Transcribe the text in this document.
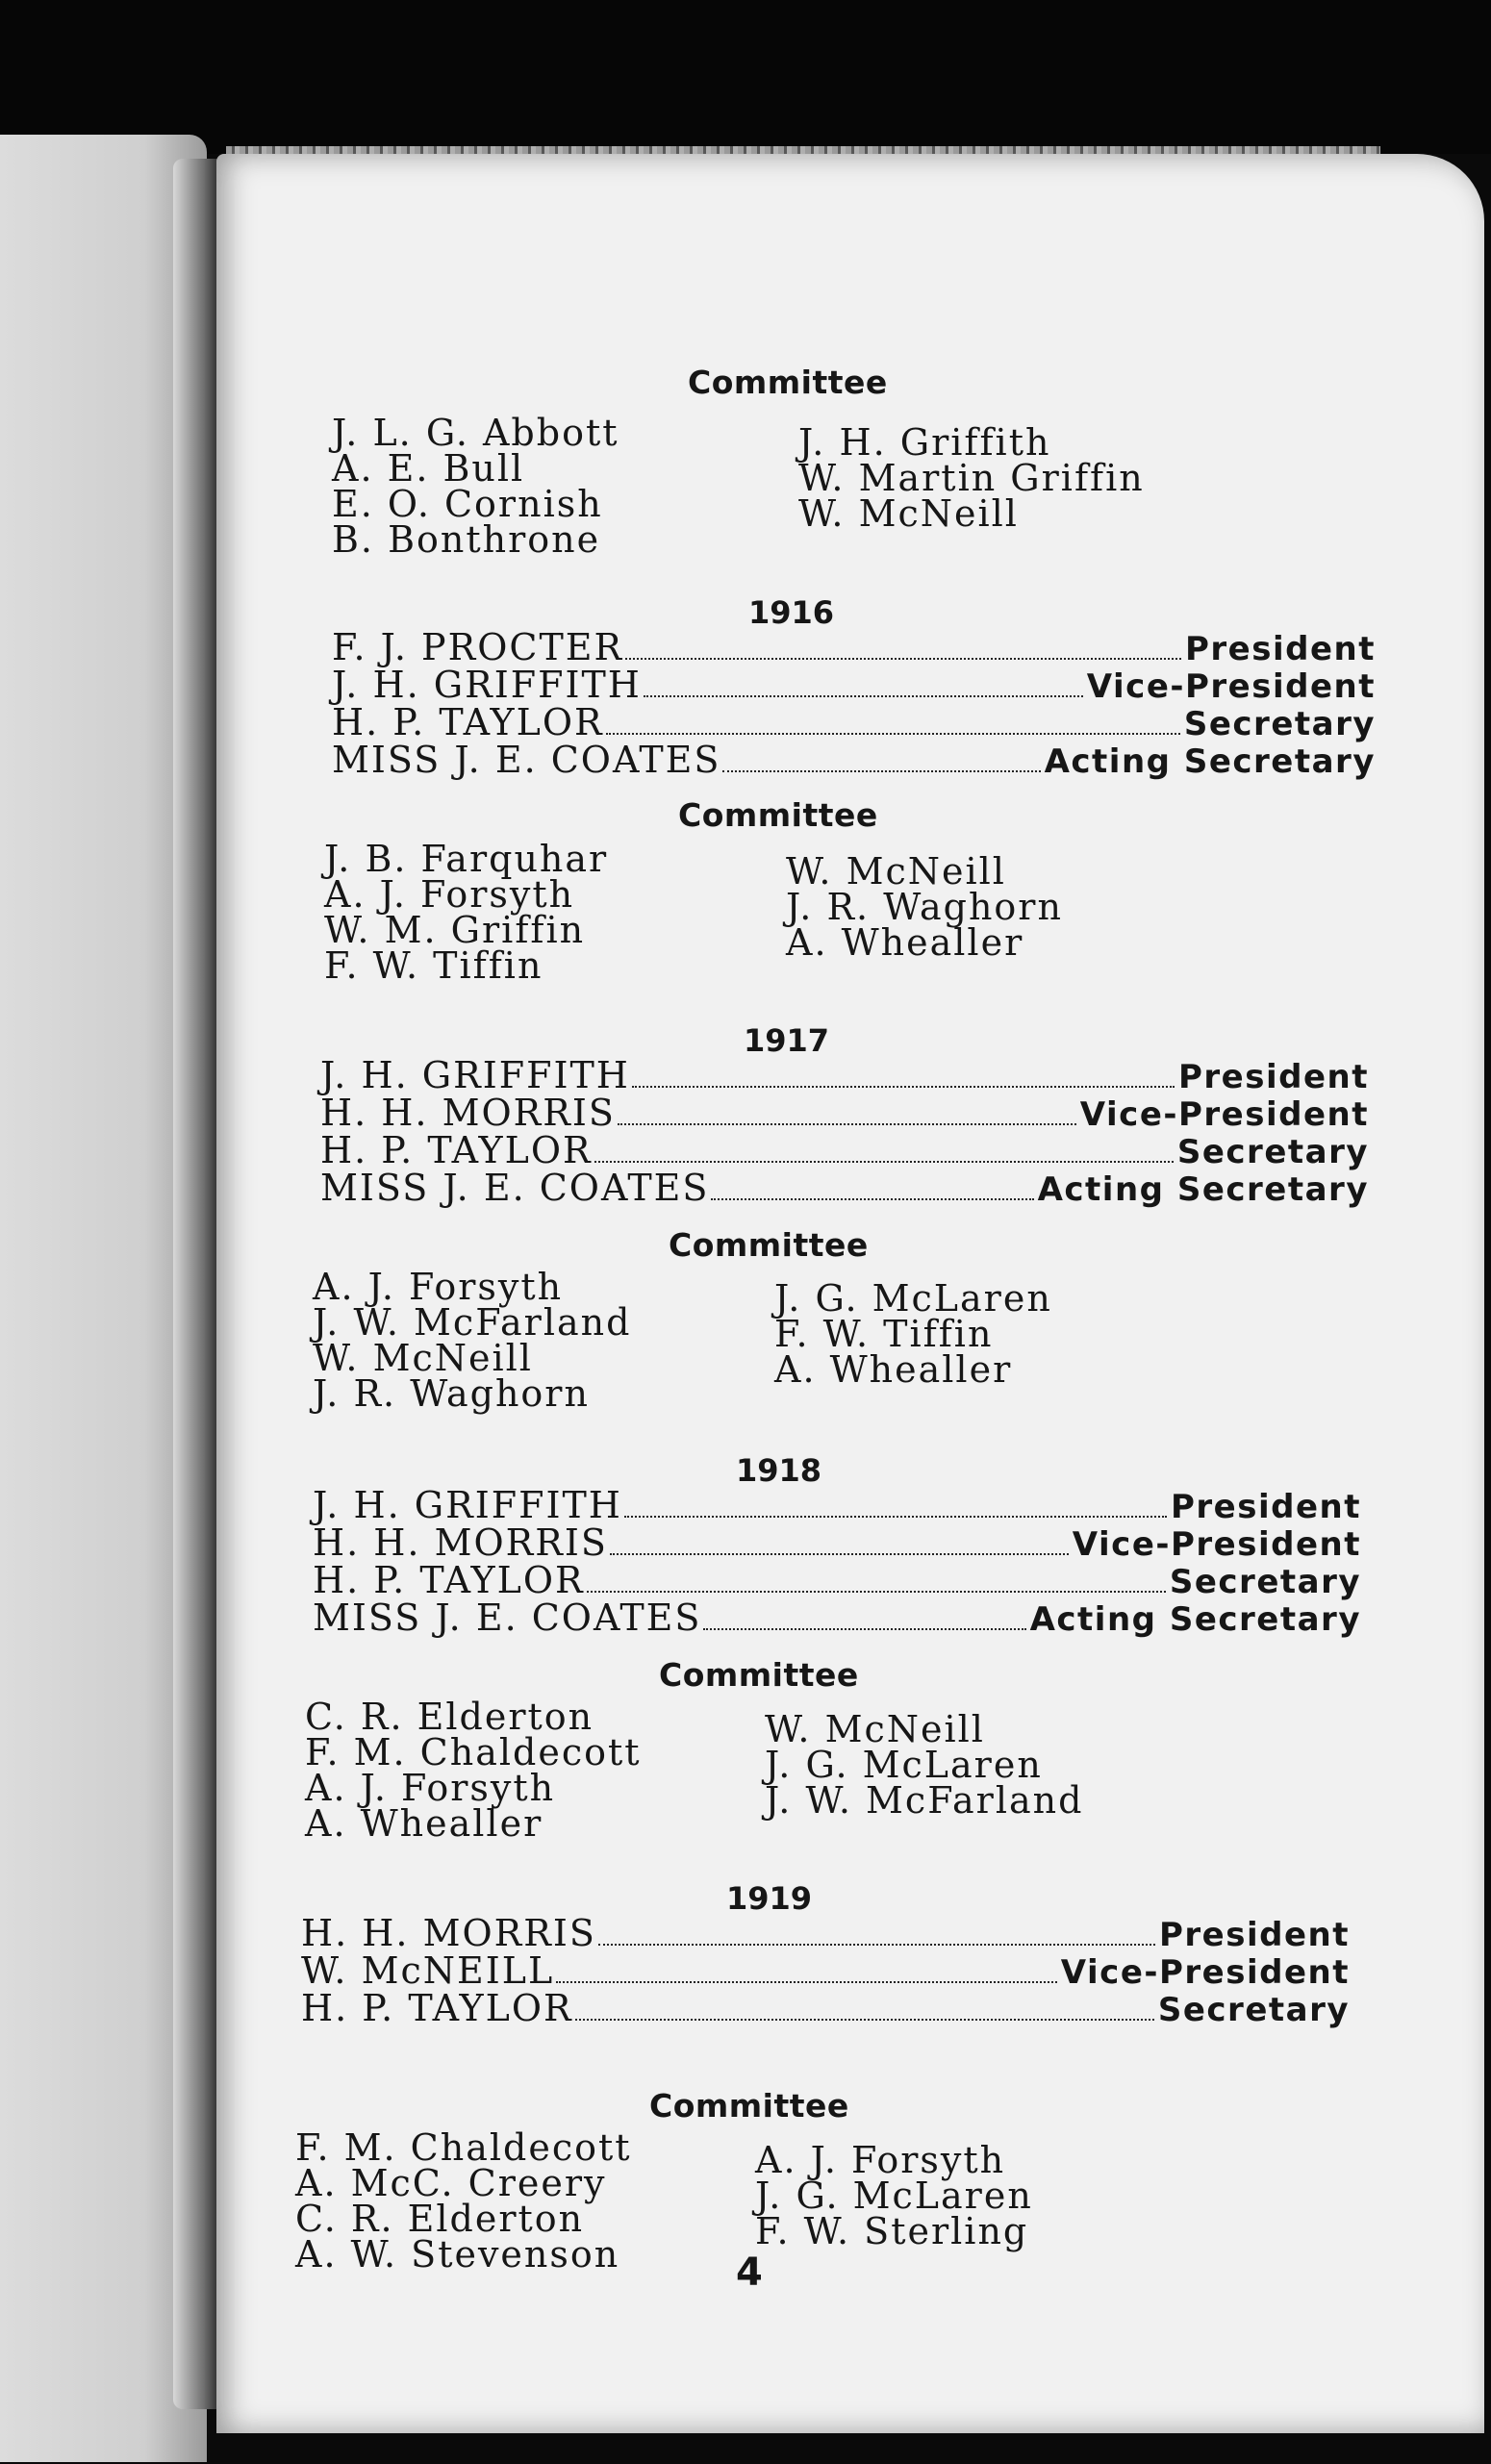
Committee
J. L. G. Abbott
A. E. Bull
E. O. Cornish
B. Bonthrone
J. H. Griffith
W. Martin Griffin
W. McNeill
1916
F. J. PROCTER	President
J. H. GRIFFITH	Vice-President
H. P. TAYLOR	Secretary
MISS J. E. COATES	Acting Secretary
Committee
J. B. Farquhar
A. J. Forsyth
W. M. Griffin
F. W. Tiffin
W. McNeill
J. R. Waghorn
A. Whealler
1917
J. H. GRIFFITH	President
H. H. MORRIS	Vice-President
H. P. TAYLOR	Secretary
MISS J. E. COATES	Acting Secretary
Committee
A. J. Forsyth
J. W. McFarland
W. McNeill
J. R. Waghorn
J. G. McLaren
F. W. Tiffin
A. Whealler
1918
J. H. GRIFFITH	President
H. H. MORRIS	Vice-President
H. P. TAYLOR	Secretary
MISS J. E. COATES	Acting Secretary
Committee
C. R. Elderton
F. M. Chaldecott
A. J. Forsyth
A. Whealler
W. McNeill
J. G. McLaren
J. W. McFarland
1919
H. H. MORRIS	President
W. McNEILL	Vice-President
H. P. TAYLOR	Secretary
Committee
F. M. Chaldecott
A. McC. Creery
C. R. Elderton
A. W. Stevenson
A. J. Forsyth
J. G. McLaren
F. W. Sterling
4
